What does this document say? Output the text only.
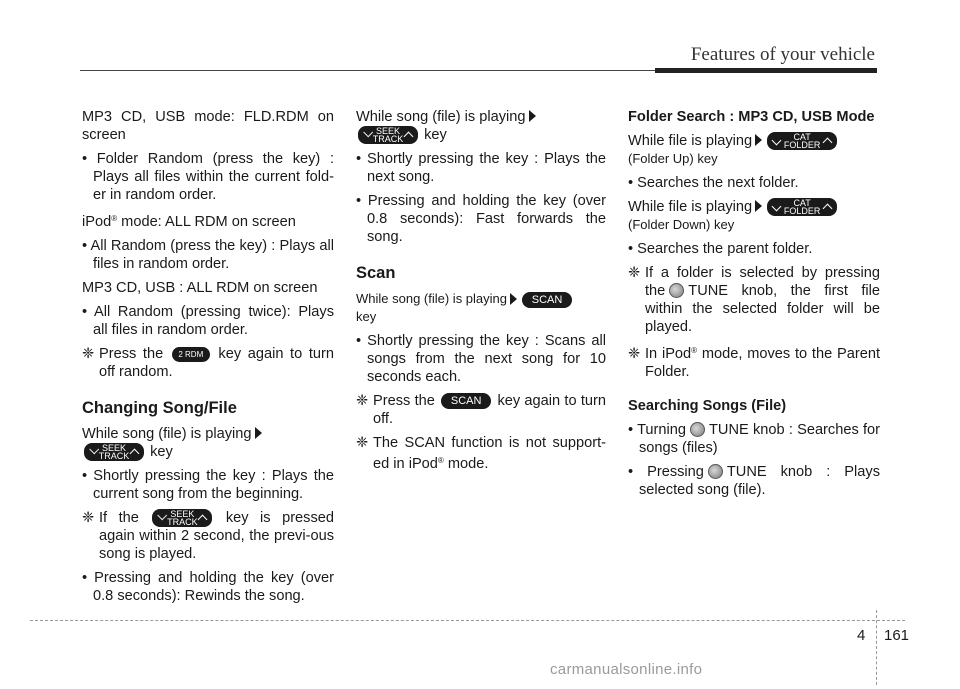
Features of your vehicle

MP3 CD, USB mode: FLD.RDM on screen

• Folder Random (press the key) : Plays all files within the current fold-er in random order.

iPod® mode: ALL RDM on screen

• All Random (press the key) : Plays all files in random order.

MP3 CD, USB : ALL RDM on screen

• All Random (pressing twice): Plays all files in random order.

❈ Press the 2 RDM key again to turn off random.

Changing Song/File

While song (file) is playing

SEEK
TRACK	key

• Shortly pressing the key : Plays the current song from the beginning.

❈ If the	SEEK
TRACK	key is pressed again within 2 second, the previ-ous song is played.

• Pressing and holding the key (over 0.8 seconds): Rewinds the song.

While song (file) is playing

SEEK
TRACK	key

• Shortly pressing the key : Plays the next song.

• Pressing and holding the key (over 0.8 seconds): Fast forwards the song.

Scan

While song (file) is playing SCAN
key

• Shortly pressing the key : Scans all songs from the next song for 10 seconds each.

❈ Press the SCAN key again to turn off.

❈ The SCAN function is not support-ed in iPod® mode.

Folder Search : MP3 CD, USB Mode

While file is playing	CAT
FOLDER

(Folder Up) key

• Searches the next folder.

While file is playing	CAT
FOLDER

(Folder Down) key

• Searches the parent folder.

❈ If a folder is selected by pressing the TUNE knob, the first file within the selected folder will be played.

❈ In iPod® mode, moves to the Parent Folder.

Searching Songs (File)

• Turning TUNE knob : Searches for songs (files)

• Pressing TUNE knob : Plays selected song (file).

4 161
carmanualsonline.info
